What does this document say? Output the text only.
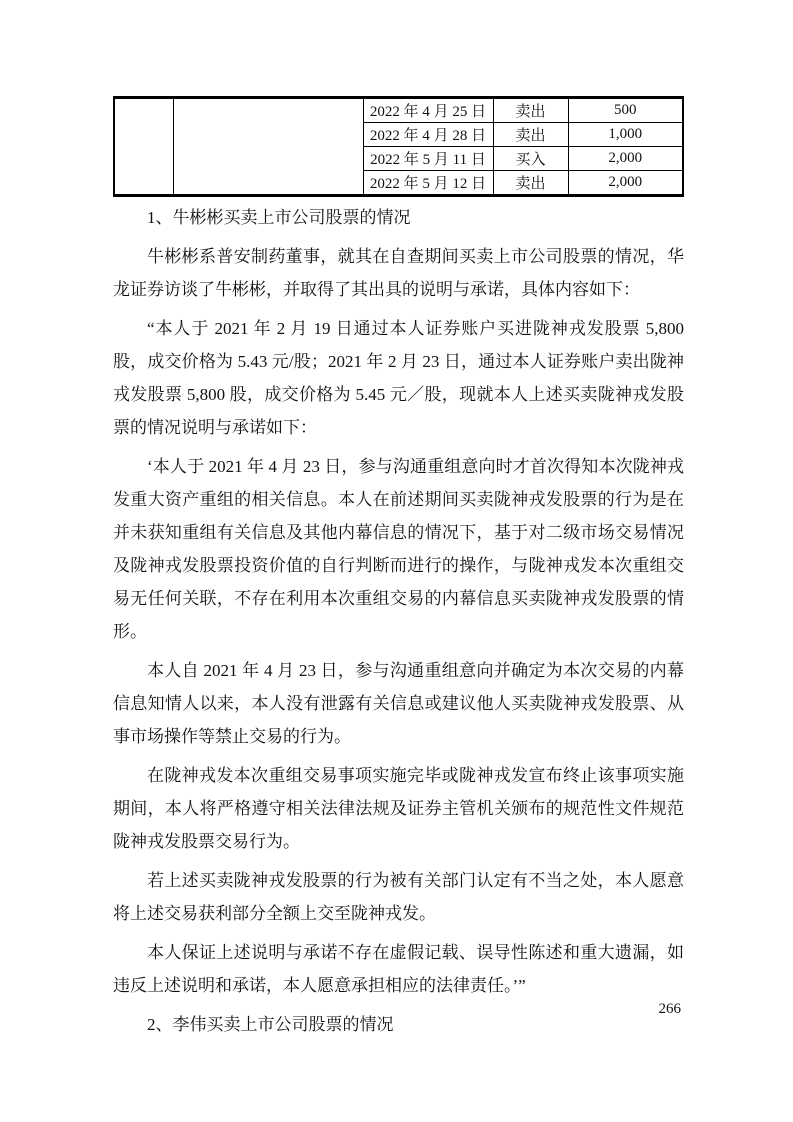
		2022 年 4 月 25 日	卖出	500
		2022 年 4 月 28 日	卖出	1,000
		2022 年 5 月 11 日	买入	2,000
		2022 年 5 月 12 日	卖出	2,000

1、牛彬彬买卖上市公司股票的情况

牛彬彬系普安制药董事，就其在自查期间买卖上市公司股票的情况，华龙证券访谈了牛彬彬，并取得了其出具的说明与承诺，具体内容如下：

“本人于 2021 年 2 月 19 日通过本人证券账户买进陇神戎发股票 5,800 股，成交价格为 5.43 元/股；2021 年 2 月 23 日，通过本人证券账户卖出陇神戎发股票 5,800 股，成交价格为 5.45 元／股，现就本人上述买卖陇神戎发股票的情况说明与承诺如下：

‘本人于 2021 年 4 月 23 日，参与沟通重组意向时才首次得知本次陇神戎发重大资产重组的相关信息。本人在前述期间买卖陇神戎发股票的行为是在并未获知重组有关信息及其他内幕信息的情况下，基于对二级市场交易情况及陇神戎发股票投资价值的自行判断而进行的操作，与陇神戎发本次重组交易无任何关联，不存在利用本次重组交易的内幕信息买卖陇神戎发股票的情形。

本人自 2021 年 4 月 23 日，参与沟通重组意向并确定为本次交易的内幕信息知情人以来，本人没有泄露有关信息或建议他人买卖陇神戎发股票、从事市场操作等禁止交易的行为。

在陇神戎发本次重组交易事项实施完毕或陇神戎发宣布终止该事项实施期间，本人将严格遵守相关法律法规及证券主管机关颁布的规范性文件规范陇神戎发股票交易行为。

若上述买卖陇神戎发股票的行为被有关部门认定有不当之处，本人愿意将上述交易获利部分全额上交至陇神戎发。

本人保证上述说明与承诺不存在虚假记载、误导性陈述和重大遗漏，如违反上述说明和承诺，本人愿意承担相应的法律责任。’”

2、李伟买卖上市公司股票的情况

266
